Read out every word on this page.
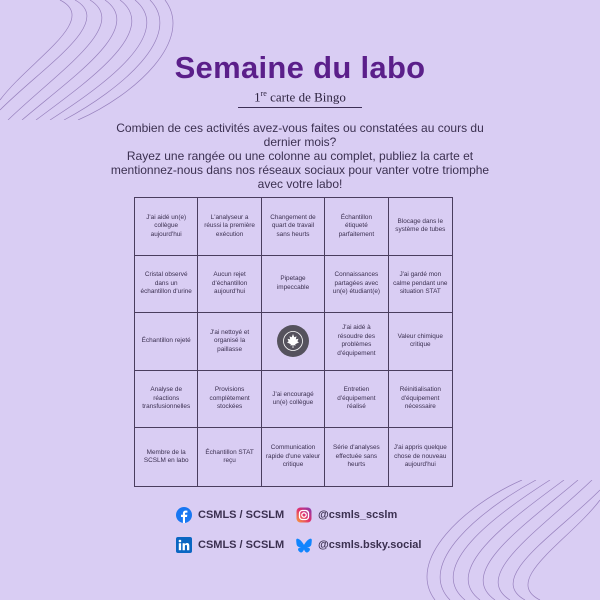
Semaine du labo
1re carte de Bingo

Combien de ces activités avez-vous faites ou constatées au cours du dernier mois?

Rayez une rangée ou une colonne au complet, publiez la carte et mentionnez-nous dans nos réseaux sociaux pour vanter votre triomphe avec votre labo!

J'ai aidé un(e) collègue aujourd'hui
L'analyseur a réussi la première exécution
Changement de quart de travail sans heurts
Échantillon étiqueté parfaitement
Blocage dans le système de tubes
Cristal observé dans un échantillon d'urine
Aucun rejet d'échantillon aujourd'hui
Pipetage impeccable
Connaissances partagées avec un(e) étudiant(e)
J'ai gardé mon calme pendant une situation STAT
Échantillon rejeté
J'ai nettoyé et organisé la paillasse
J'ai aidé à résoudre des problèmes d'équipement
Valeur chimique critique
Analyse de réactions transfusionnelles
Provisions complètement stockées
J'ai encouragé un(e) collègue
Entretien d'équipement réalisé
Réinitialisation d'équipement nécessaire
Membre de la SCSLM en labo
Échantillon STAT reçu
Communication rapide d'une valeur critique
Série d'analyses effectuée sans heurts
J'ai appris quelque chose de nouveau aujourd'hui
CSMLS / SCSLM	@csmls_scslm
CSMLS / SCSLM	@csmls.bsky.social
